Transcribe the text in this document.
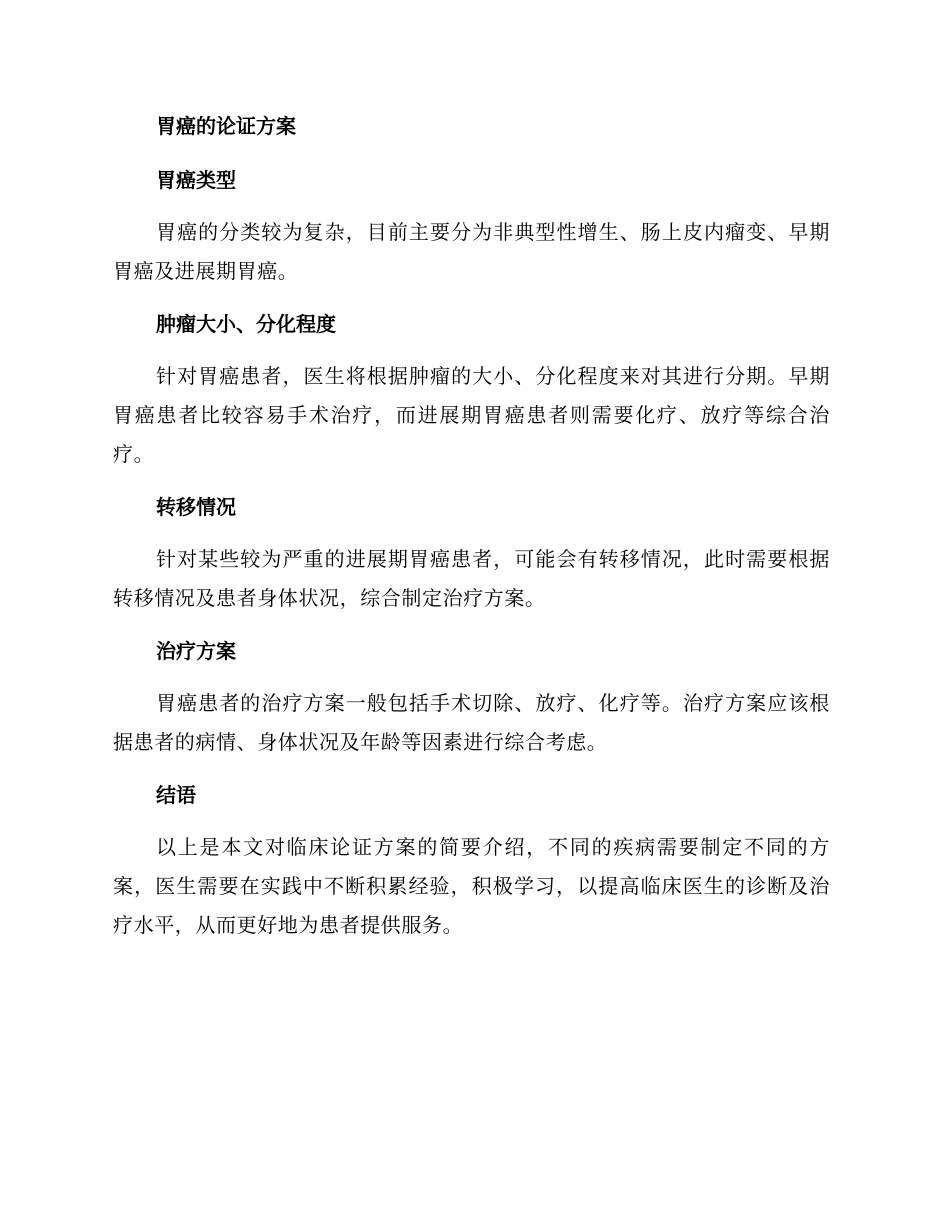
胃癌的论证方案
胃癌类型

胃癌的分类较为复杂，目前主要分为非典型性增生、肠上皮内瘤变、早期胃癌及进展期胃癌。

肿瘤大小、分化程度

针对胃癌患者，医生将根据肿瘤的大小、分化程度来对其进行分期。早期胃癌患者比较容易手术治疗，而进展期胃癌患者则需要化疗、放疗等综合治疗。

转移情况

针对某些较为严重的进展期胃癌患者，可能会有转移情况，此时需要根据转移情况及患者身体状况，综合制定治疗方案。

治疗方案

胃癌患者的治疗方案一般包括手术切除、放疗、化疗等。治疗方案应该根据患者的病情、身体状况及年龄等因素进行综合考虑。

结语

以上是本文对临床论证方案的简要介绍，不同的疾病需要制定不同的方案，医生需要在实践中不断积累经验，积极学习，以提高临床医生的诊断及治疗水平，从而更好地为患者提供服务。
